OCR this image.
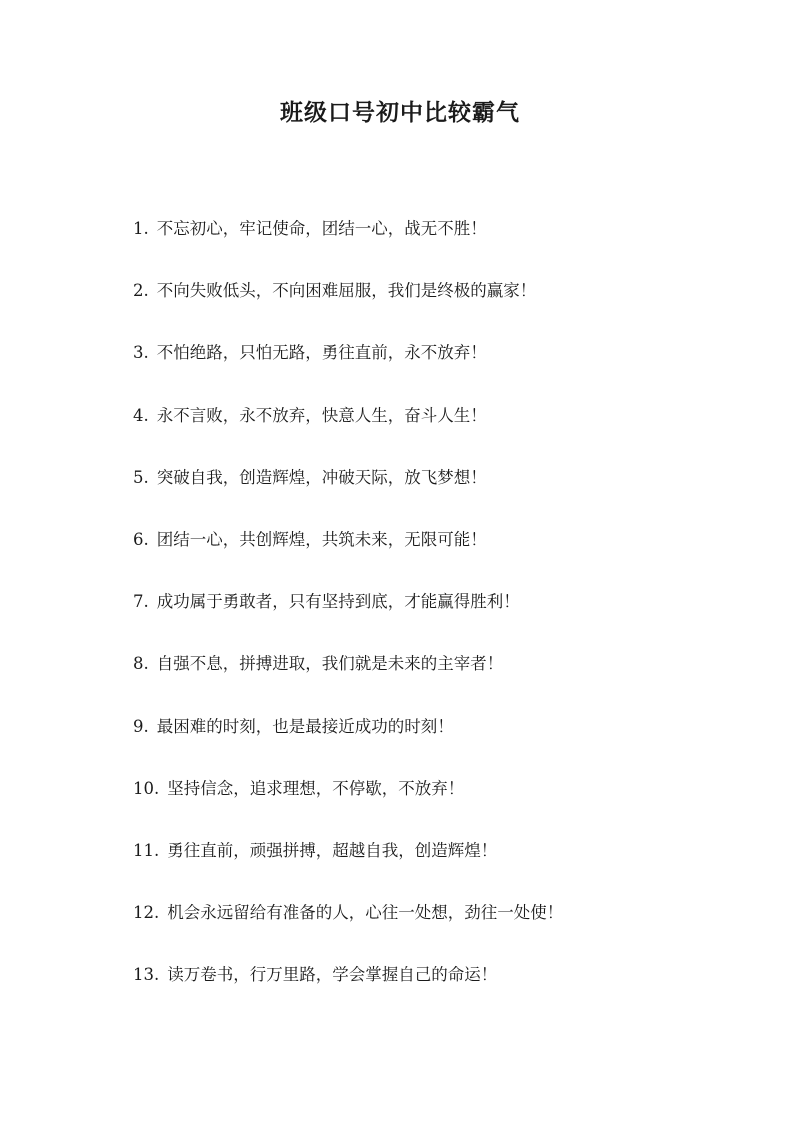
班级口号初中比较霸气
1. 不忘初心，牢记使命，团结一心，战无不胜！
2. 不向失败低头，不向困难屈服，我们是终极的赢家！
3. 不怕绝路，只怕无路，勇往直前，永不放弃！
4. 永不言败，永不放弃，快意人生，奋斗人生！
5. 突破自我，创造辉煌，冲破天际，放飞梦想！
6. 团结一心，共创辉煌，共筑未来，无限可能！
7. 成功属于勇敢者，只有坚持到底，才能赢得胜利！
8. 自强不息，拼搏进取，我们就是未来的主宰者！
9. 最困难的时刻，也是最接近成功的时刻！
10. 坚持信念，追求理想，不停歇，不放弃！
11. 勇往直前，顽强拼搏，超越自我，创造辉煌！
12. 机会永远留给有准备的人，心往一处想，劲往一处使！
13. 读万卷书，行万里路，学会掌握自己的命运！
